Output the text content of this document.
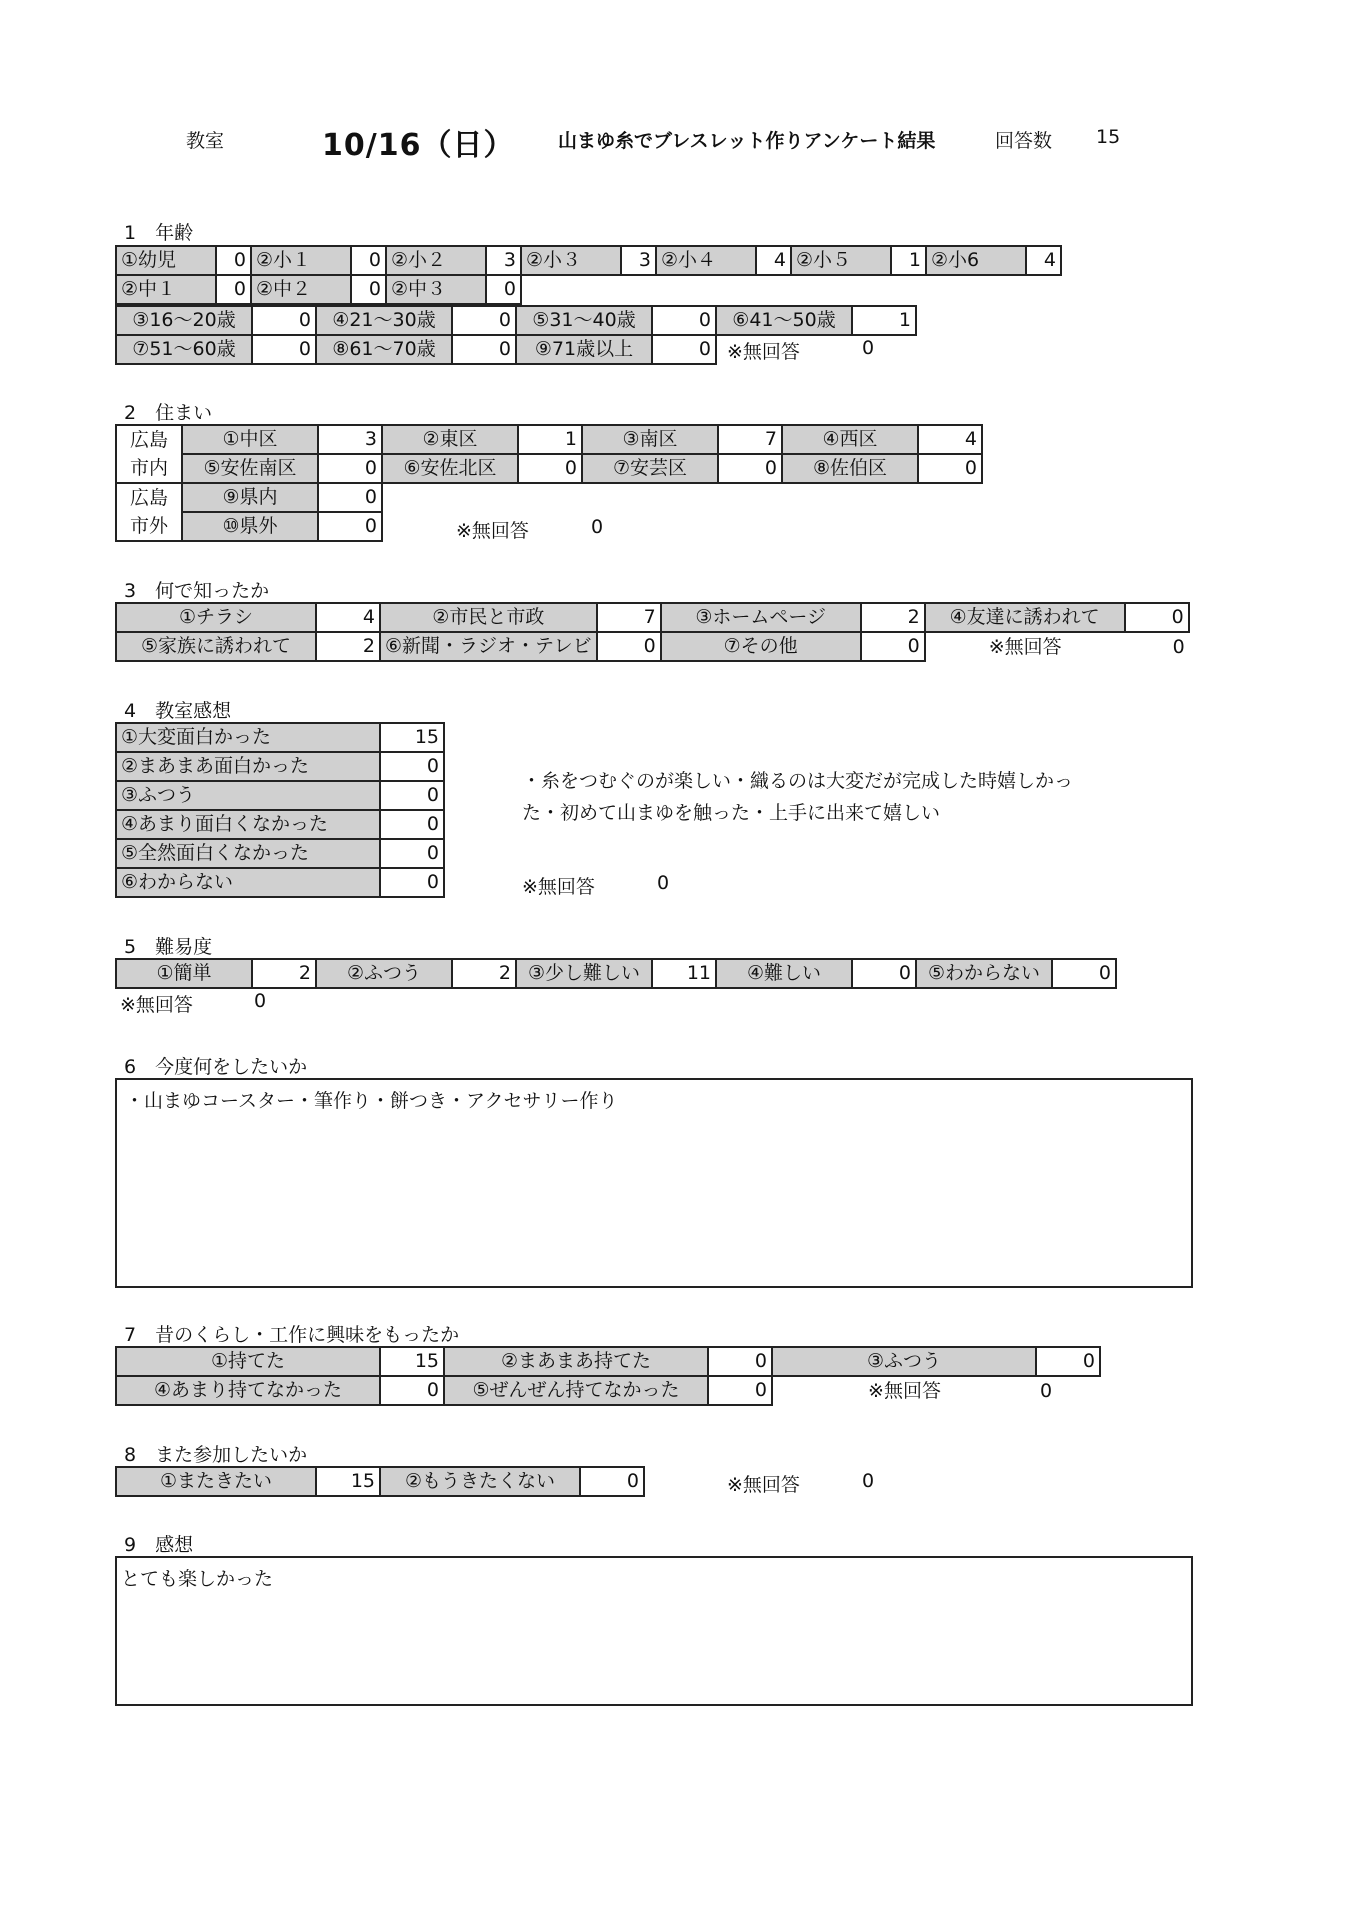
教室	10/16（日） 山まゆ糸でブレスレット作りアンケート結果	回答数 15
1　年齢
①幼児	0	②小１	0	②小２	3	②小３	3	②小４	4	②小５	1	②小6	4
②中１	0	②中２	0	②中３	0								
③16～20歳	0	④21～30歳	0	⑤31～40歳	0	⑥41～50歳	1
⑦51～60歳	0	⑧61～70歳	0	⑨71歳以上	0		※無回答	0
2　住まい
広島	①中区	3	②東区	1	③南区	7	④西区	4
市内	⑤安佐南区	0	⑥安佐北区	0	⑦安芸区	0	⑧佐伯区	0
広島	⑨県内	0						
市外	⑩県外	0							※無回答	0
3　何で知ったか
①チラシ	4	②市民と市政	7	③ホームページ	2	④友達に誘われて	0
⑤家族に誘われて	2	⑥新聞・ラジオ・テレビ	0	⑦その他	0	※無回答	0
4　教室感想
①大変面白かった	15
②まあまあ面白かった	0
③ふつう	0
④あまり面白くなかった	0
⑤全然面白くなかった	0
⑥わからない	0
・糸をつむぐのが楽しい・織るのは大変だが完成した時嬉しかっ
た・初めて山まゆを触った・上手に出来て嬉しい
※無回答	0
5　難易度
①簡単	2	②ふつう	2	③少し難しい	11	④難しい	0	⑤わからない	0
※無回答	0
6　今度何をしたいか
・山まゆコースター・筆作り・餅つき・アクセサリー作り
7　昔のくらし・工作に興味をもったか
①持てた	15	②まあまあ持てた	0	③ふつう	0
④あまり持てなかった	0	⑤ぜんぜん持てなかった	0	※無回答	0
8　また参加したいか
①またきたい	15	②もうきたくない	0	※無回答	0
9　感想
とても楽しかった
